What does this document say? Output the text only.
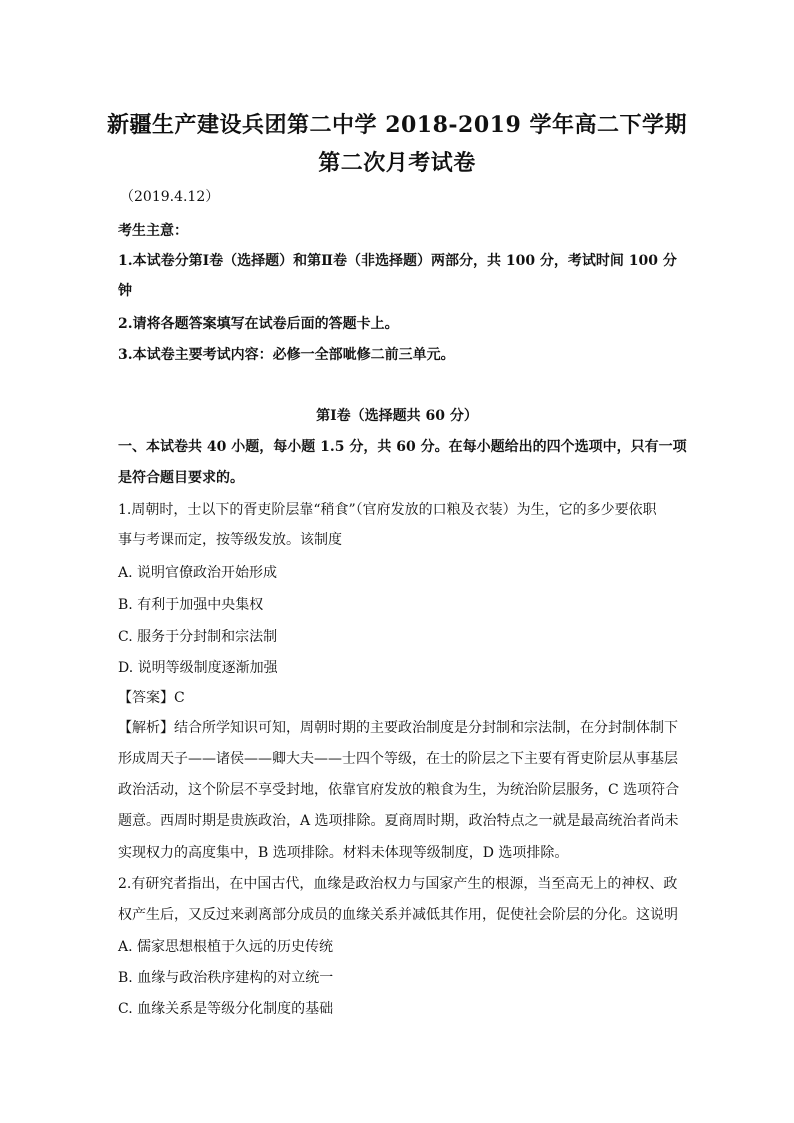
新疆生产建设兵团第二中学 2018-2019 学年高二下学期
第二次月考试卷
（2019.4.12）
考生主意：
1.本试卷分第Ⅰ卷（选择题）和第Ⅱ卷（非选择题）两部分，共 100 分，考试时间 100 分
钟
2.请将各题答案填写在试卷后面的答题卡上。
3.本试卷主要考试内容：必修一全部呲修二前三单元。
第Ⅰ卷（选择题共 60 分）
一、本试卷共 40 小题，每小题 1.5 分，共 60 分。在每小题给出的四个选项中，只有一项
是符合题目要求的。
1.周朝时，士以下的胥吏阶层靠“稍食”（官府发放的口粮及衣装）为生，它的多少要依职
事与考课而定，按等级发放。该制度
A. 说明官僚政治开始形成
B. 有利于加强中央集权
C. 服务于分封制和宗法制
D. 说明等级制度逐渐加强
【答案】C
【解析】结合所学知识可知，周朝时期的主要政治制度是分封制和宗法制，在分封制体制下
形成周天子——诸侯——卿大夫——士四个等级，在士的阶层之下主要有胥吏阶层从事基层
政治活动，这个阶层不享受封地，依靠官府发放的粮食为生，为统治阶层服务，C 选项符合
题意。西周时期是贵族政治，A 选项排除。夏商周时期，政治特点之一就是最高统治者尚未
实现权力的高度集中，B 选项排除。材料未体现等级制度，D 选项排除。
2.有研究者指出，在中国古代，血缘是政治权力与国家产生的根源，当至高无上的神权、政
权产生后，又反过来剥离部分成员的血缘关系并减低其作用，促使社会阶层的分化。这说明
A. 儒家思想根植于久远的历史传统
B. 血缘与政治秩序建构的对立统一
C. 血缘关系是等级分化制度的基础
